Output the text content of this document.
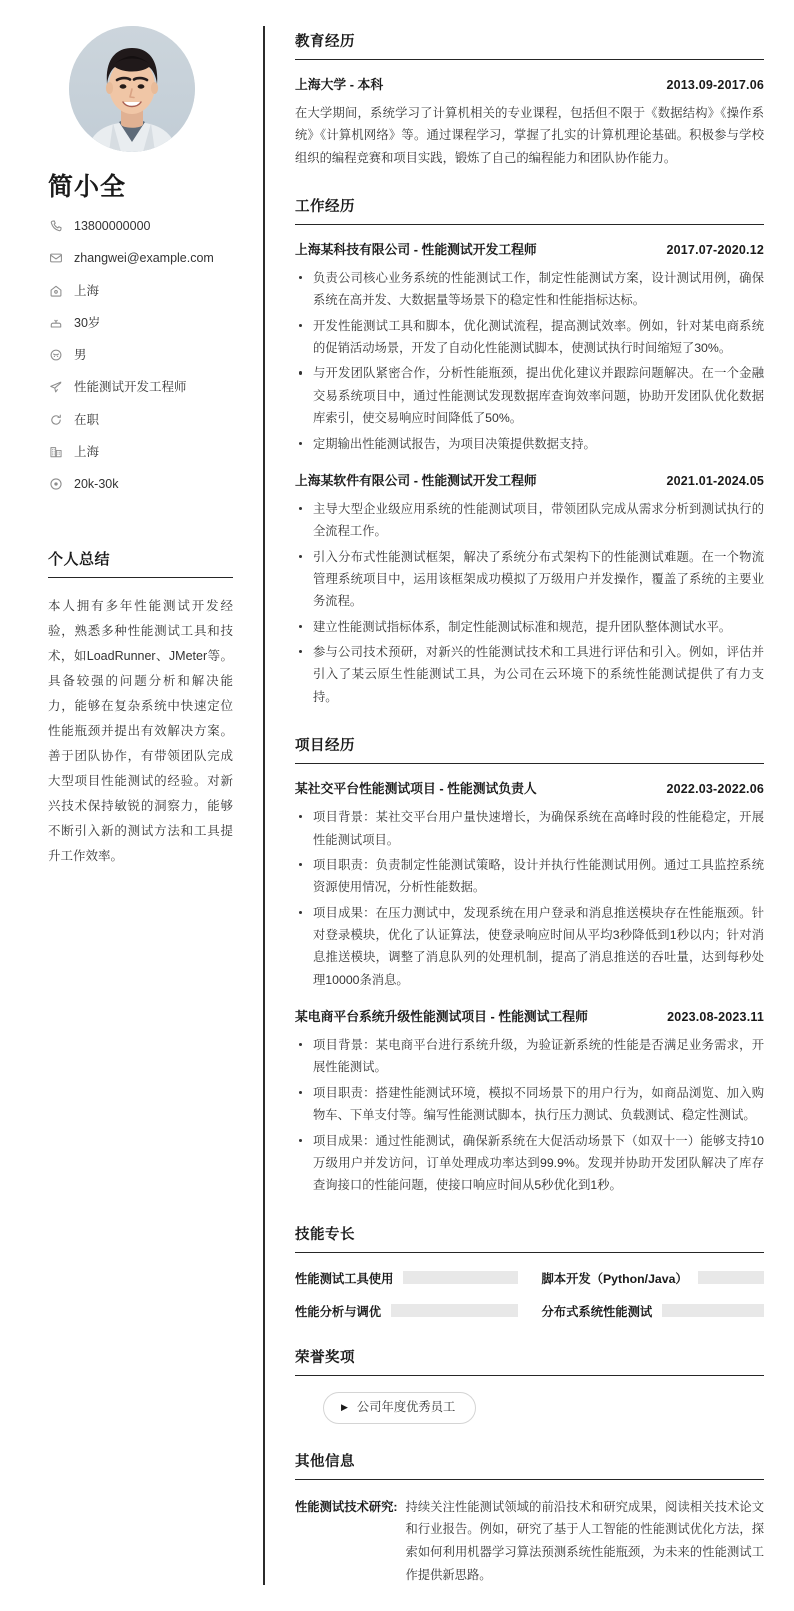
简小全
13800000000
zhangwei@example.com
上海
30岁
男
性能测试开发工程师
在职
上海
20k-30k
个人总结

本人拥有多年性能测试开发经验，熟悉多种性能测试工具和技术，如LoadRunner、JMeter等。具备较强的问题分析和解决能力，能够在复杂系统中快速定位性能瓶颈并提出有效解决方案。善于团队协作，有带领团队完成大型项目性能测试的经验。对新兴技术保持敏锐的洞察力，能够不断引入新的测试方法和工具提升工作效率。

教育经历
上海大学 - 本科	2013.09-2017.06

在大学期间，系统学习了计算机相关的专业课程，包括但不限于《数据结构》《操作系统》《计算机网络》等。通过课程学习，掌握了扎实的计算机理论基础。积极参与学校组织的编程竞赛和项目实践，锻炼了自己的编程能力和团队协作能力。

工作经历
上海某科技有限公司 - 性能测试开发工程师	2017.07-2020.12
负责公司核心业务系统的性能测试工作，制定性能测试方案，设计测试用例，确保系统在高并发、大数据量等场景下的稳定性和性能指标达标。
开发性能测试工具和脚本，优化测试流程，提高测试效率。例如，针对某电商系统的促销活动场景，开发了自动化性能测试脚本，使测试执行时间缩短了30%。
与开发团队紧密合作，分析性能瓶颈，提出优化建议并跟踪问题解决。在一个金融交易系统项目中，通过性能测试发现数据库查询效率问题，协助开发团队优化数据库索引，使交易响应时间降低了50%。
定期输出性能测试报告，为项目决策提供数据支持。
上海某软件有限公司 - 性能测试开发工程师	2021.01-2024.05
主导大型企业级应用系统的性能测试项目，带领团队完成从需求分析到测试执行的全流程工作。
引入分布式性能测试框架，解决了系统分布式架构下的性能测试难题。在一个物流管理系统项目中，运用该框架成功模拟了万级用户并发操作，覆盖了系统的主要业务流程。
建立性能测试指标体系，制定性能测试标准和规范，提升团队整体测试水平。
参与公司技术预研，对新兴的性能测试技术和工具进行评估和引入。例如，评估并引入了某云原生性能测试工具，为公司在云环境下的系统性能测试提供了有力支持。
项目经历
某社交平台性能测试项目 - 性能测试负责人	2022.03-2022.06
项目背景：某社交平台用户量快速增长，为确保系统在高峰时段的性能稳定，开展性能测试项目。
项目职责：负责制定性能测试策略，设计并执行性能测试用例。通过工具监控系统资源使用情况，分析性能数据。
项目成果：在压力测试中，发现系统在用户登录和消息推送模块存在性能瓶颈。针对登录模块，优化了认证算法，使登录响应时间从平均3秒降低到1秒以内；针对消息推送模块，调整了消息队列的处理机制，提高了消息推送的吞吐量，达到每秒处理10000条消息。
某电商平台系统升级性能测试项目 - 性能测试工程师	2023.08-2023.11
项目背景：某电商平台进行系统升级，为验证新系统的性能是否满足业务需求，开展性能测试。
项目职责：搭建性能测试环境，模拟不同场景下的用户行为，如商品浏览、加入购物车、下单支付等。编写性能测试脚本，执行压力测试、负载测试、稳定性测试。
项目成果：通过性能测试，确保新系统在大促活动场景下（如双十一）能够支持10万级用户并发访问，订单处理成功率达到99.9%。发现并协助开发团队解决了库存查询接口的性能问题，使接口响应时间从5秒优化到1秒。
技能专长
性能测试工具使用	脚本开发（Python/Java）
性能分析与调优	分布式系统性能测试
荣誉奖项
▶ 公司年度优秀员工
其他信息
性能测试技术研究: 持续关注性能测试领域的前沿技术和研究成果，阅读相关技术论文和行业报告。例如，研究了基于人工智能的性能测试优化方法，探索如何利用机器学习算法预测系统性能瓶颈，为未来的性能测试工作提供新思路。
